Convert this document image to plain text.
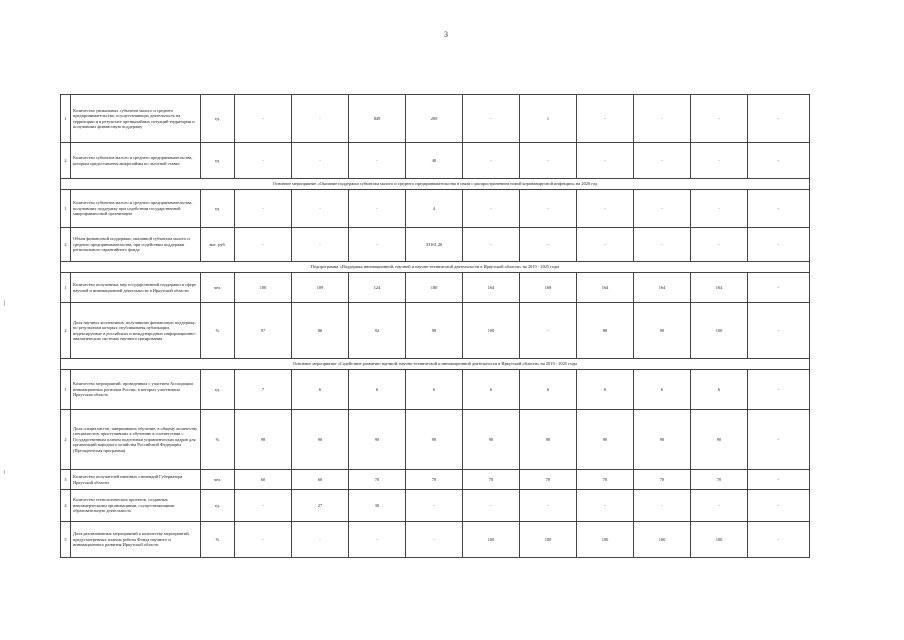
3
1	Количество уникальных субъектов малого и среднего предпринимательства, осуществляющих деятельность на территории и в результате чрезвычайных ситуаций территории и получивших финансовую поддержку	ед.	-	-	849	200	-	1	-	-	-	-
2	Количество субъектов малого и среднего предпринимательства, которым предоставлены микрозаймы по льготной ставке	ед.	-	-	-	40	-	-	-	-	-	-
Основное мероприятие «Оказание поддержки субъектам малого и среднего предпринимательства в связи с распространением новой коронавирусной инфекции» на 2020 год												
1	Количество субъектов малого и среднего предпринимательства, получивших поддержку при содействии государственной микрофинансовой организации	ед.	-	-	-	4	-	-	-	-	-	-
2	Объем финансовой поддержки, оказанной субъектам малого и среднего предпринимательства, при содействии поддержки регионального гарантийного фонда	тыс. руб.	-	-	-	33161,26	-	-	-	-	-	-
Подпрограмма «Поддержка инновационной, научной и научно-технической деятельности в Иркутской области» на 2019 - 2025 годы												
1	Количество полученных мер государственной поддержки в сфере научной и инновационной деятельности в Иркутской области	чел.	100	109	124	180	164	168	164	164	164	-
2	Доля научных коллективов, получивших финансовую поддержку, по результатам которых опубликованы публикации, индексируемые в российских и международных информационно-аналитических системах научного цитирования	%	97	86	92	98	100	-	88	90	100	-
Основное мероприятие «Содействие развитию научной, научно-технической и инновационной деятельности в Иркутской области» на 2019 - 2025 годы												
1	Количество мероприятий, проведенных с участием Ассоциации инновационных регионов России, в которых участвовала Иркутская область	ед.	7	6	6	6	6	6	6	6	6	-
2	Доля специалистов, завершивших обучение, в общему количеству специалистов, приступивших к обучению в соответствии с Государственным планом подготовки управленческих кадров для организаций народного хозяйства Российской Федерации (Президентская программа)	%	98	90	90	90	90	90	90	90	90	-
3	Количество получателей именных стипендий Губернатора Иркутской области	чел.	60	60	70	70	70	70	70	70	70	-
4	Количество технологических проектов, созданных некоммерческими организациями, осуществляющими образовательную деятельность	ед.	-	27	30	-	-	-	-	-	-	-
5	Доля реализованных мероприятий к количеству мероприятий, предусмотренных планом работы Фонда научного и инновационного развития Иркутской области	%	-	-	-	-	100	100	100	100	100	-
